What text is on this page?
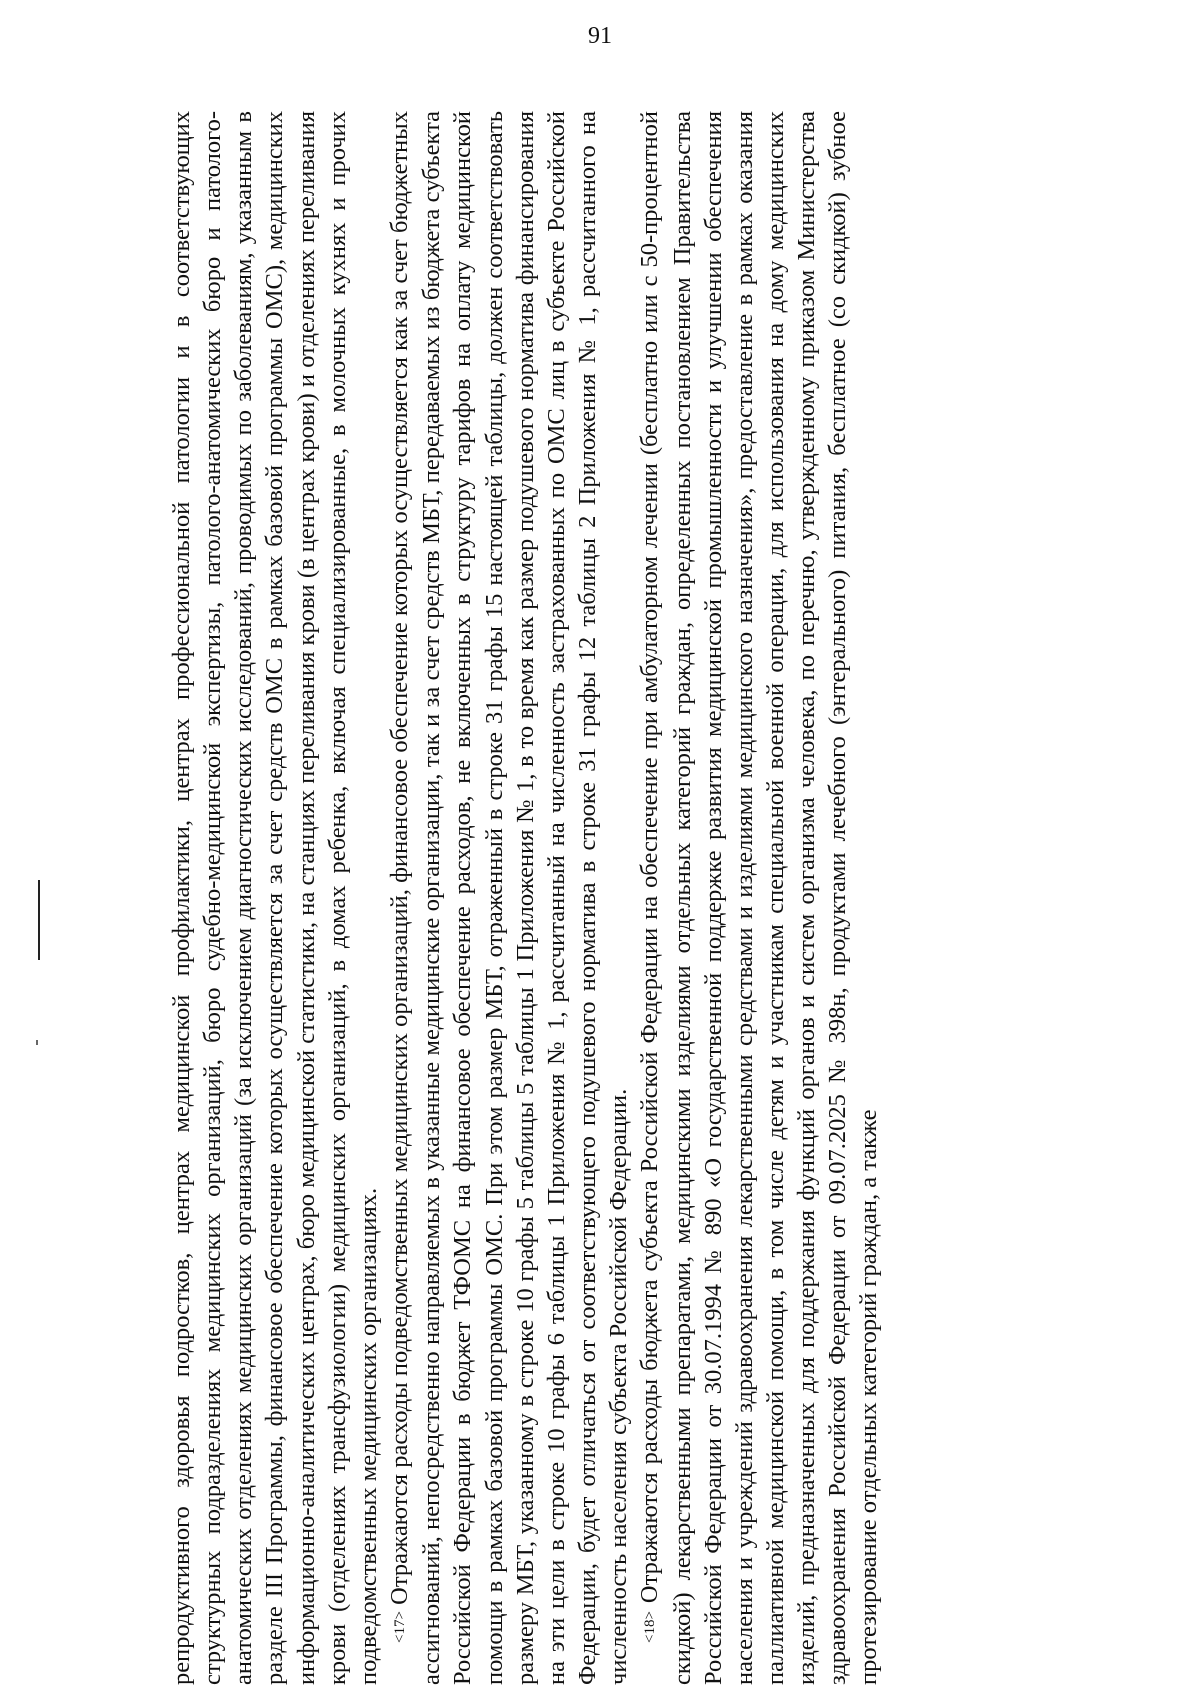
91

репродуктивного здоровья подростков, центрах медицинской профилактики, центрах профессиональной патологии и в соответствующих структурных подразделениях медицинских организаций, бюро судебно-медицинской экспертизы, патолого-анатомических бюро и патолого-анатомических отделениях медицинских организаций (за исключением диагностических исследований, проводимых по заболеваниям, указанным в разделе III Программы, финансовое обеспечение которых осуществляется за счет средств ОМС в рамках базовой программы ОМС), медицинских информационно-аналитических центрах, бюро медицинской статистики, на станциях переливания крови (в центрах крови) и отделениях переливания крови (отделениях трансфузиологии) медицинских организаций, в домах ребенка, включая специализированные, в молочных кухнях и прочих подведомственных медицинских организациях. <17> Отражаются расходы подведомственных медицинских организаций, финансовое обеспечение которых осуществляется как за счет бюджетных ассигнований, непосредственно направляемых в указанные медицинские организации, так и за счет средств МБТ, передаваемых из бюджета субъекта Российской Федерации в бюджет ТФОМС на финансовое обеспечение расходов, не включенных в структуру тарифов на оплату медицинской помощи в рамках базовой программы ОМС. При этом размер МБТ, отраженный в строке 31 графы 15 настоящей таблицы, должен соответствовать размеру МБТ, указанному в строке 10 графы 5 таблицы 5 таблицы 1 Приложения № 1, в то время как размер подушевого норматива финансирования на эти цели в строке 10 графы 6 таблицы 1 Приложения № 1, рассчитанный на численность застрахованных по ОМС лиц в субъекте Российской Федерации, будет отличаться от соответствующего подушевого норматива в строке 31 графы 12 таблицы 2 Приложения № 1, рассчитанного на численность населения субъекта Российской Федерации. <18> Отражаются расходы бюджета субъекта Российской Федерации на обеспечение при амбулаторном лечении (бесплатно или с 50-процентной скидкой) лекарственными препаратами, медицинскими изделиями отдельных категорий граждан, определенных постановлением Правительства Российской Федерации от 30.07.1994 № 890 «О государственной поддержке развития медицинской промышленности и улучшении обеспечения населения и учреждений здравоохранения лекарственными средствами и изделиями медицинского назначения», предоставление в рамках оказания паллиативной медицинской помощи, в том числе детям и участникам специальной военной операции, для использования на дому медицинских изделий, предназначенных для поддержания функций органов и систем организма человека, по перечню, утвержденному приказом Министерства здравоохранения Российской Федерации от 09.07.2025 № 398н, продуктами лечебного (энтерального) питания, бесплатное (со скидкой) зубное протезирование отдельных категорий граждан, а также
